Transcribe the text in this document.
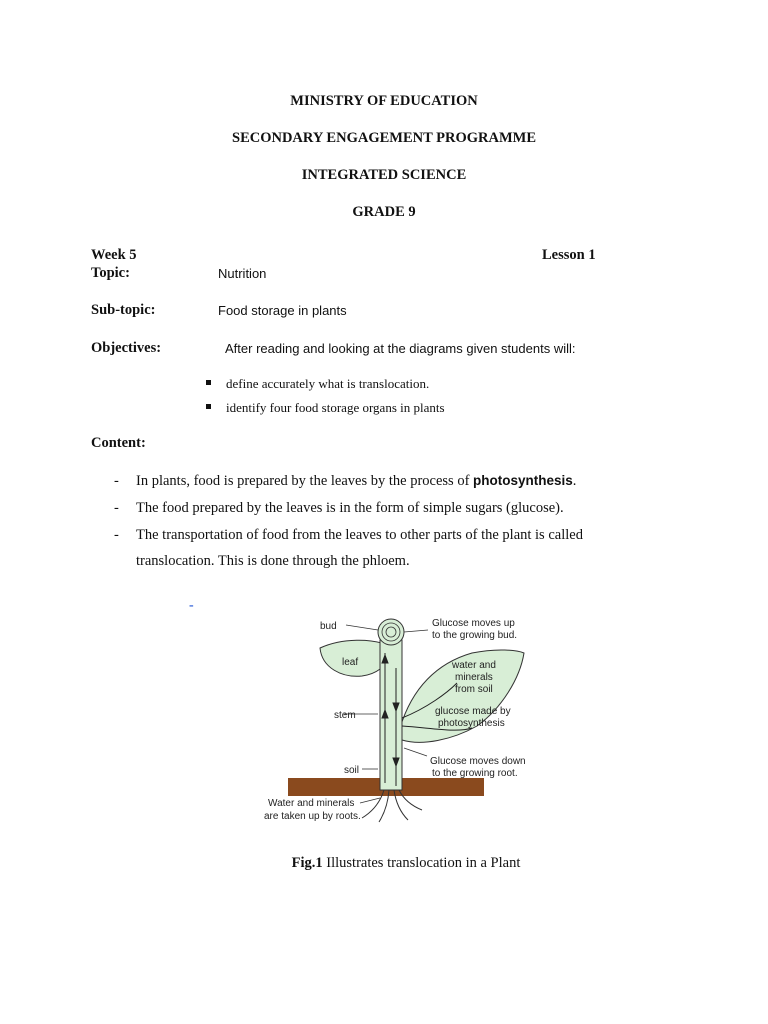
MINISTRY OF EDUCATION

SECONDARY ENGAGEMENT PROGRAMME

INTEGRATED SCIENCE

GRADE 9

Week 5	Lesson 1

Topic:	Nutrition

Sub-topic:	Food storage in plants

Objectives:	After reading and looking at the diagrams given students will:

define accurately what is translocation.
identify four food storage organs in plants

Content:

- In plants, food is prepared by the leaves by the process of photosynthesis.
- The food prepared by the leaves is in the form of simple sugars (glucose).
- The transportation of food from the leaves to other parts of the plant is called
translocation. This is done through the phloem.
-
bud
leaf
stem
soil
Water and minerals
are taken up by roots.
Glucose moves up
to the growing bud.
water and
minerals
from soil
glucose made by
photosynthesis
Glucose moves down
to the growing root.

Fig.1 Illustrates translocation in a Plant
